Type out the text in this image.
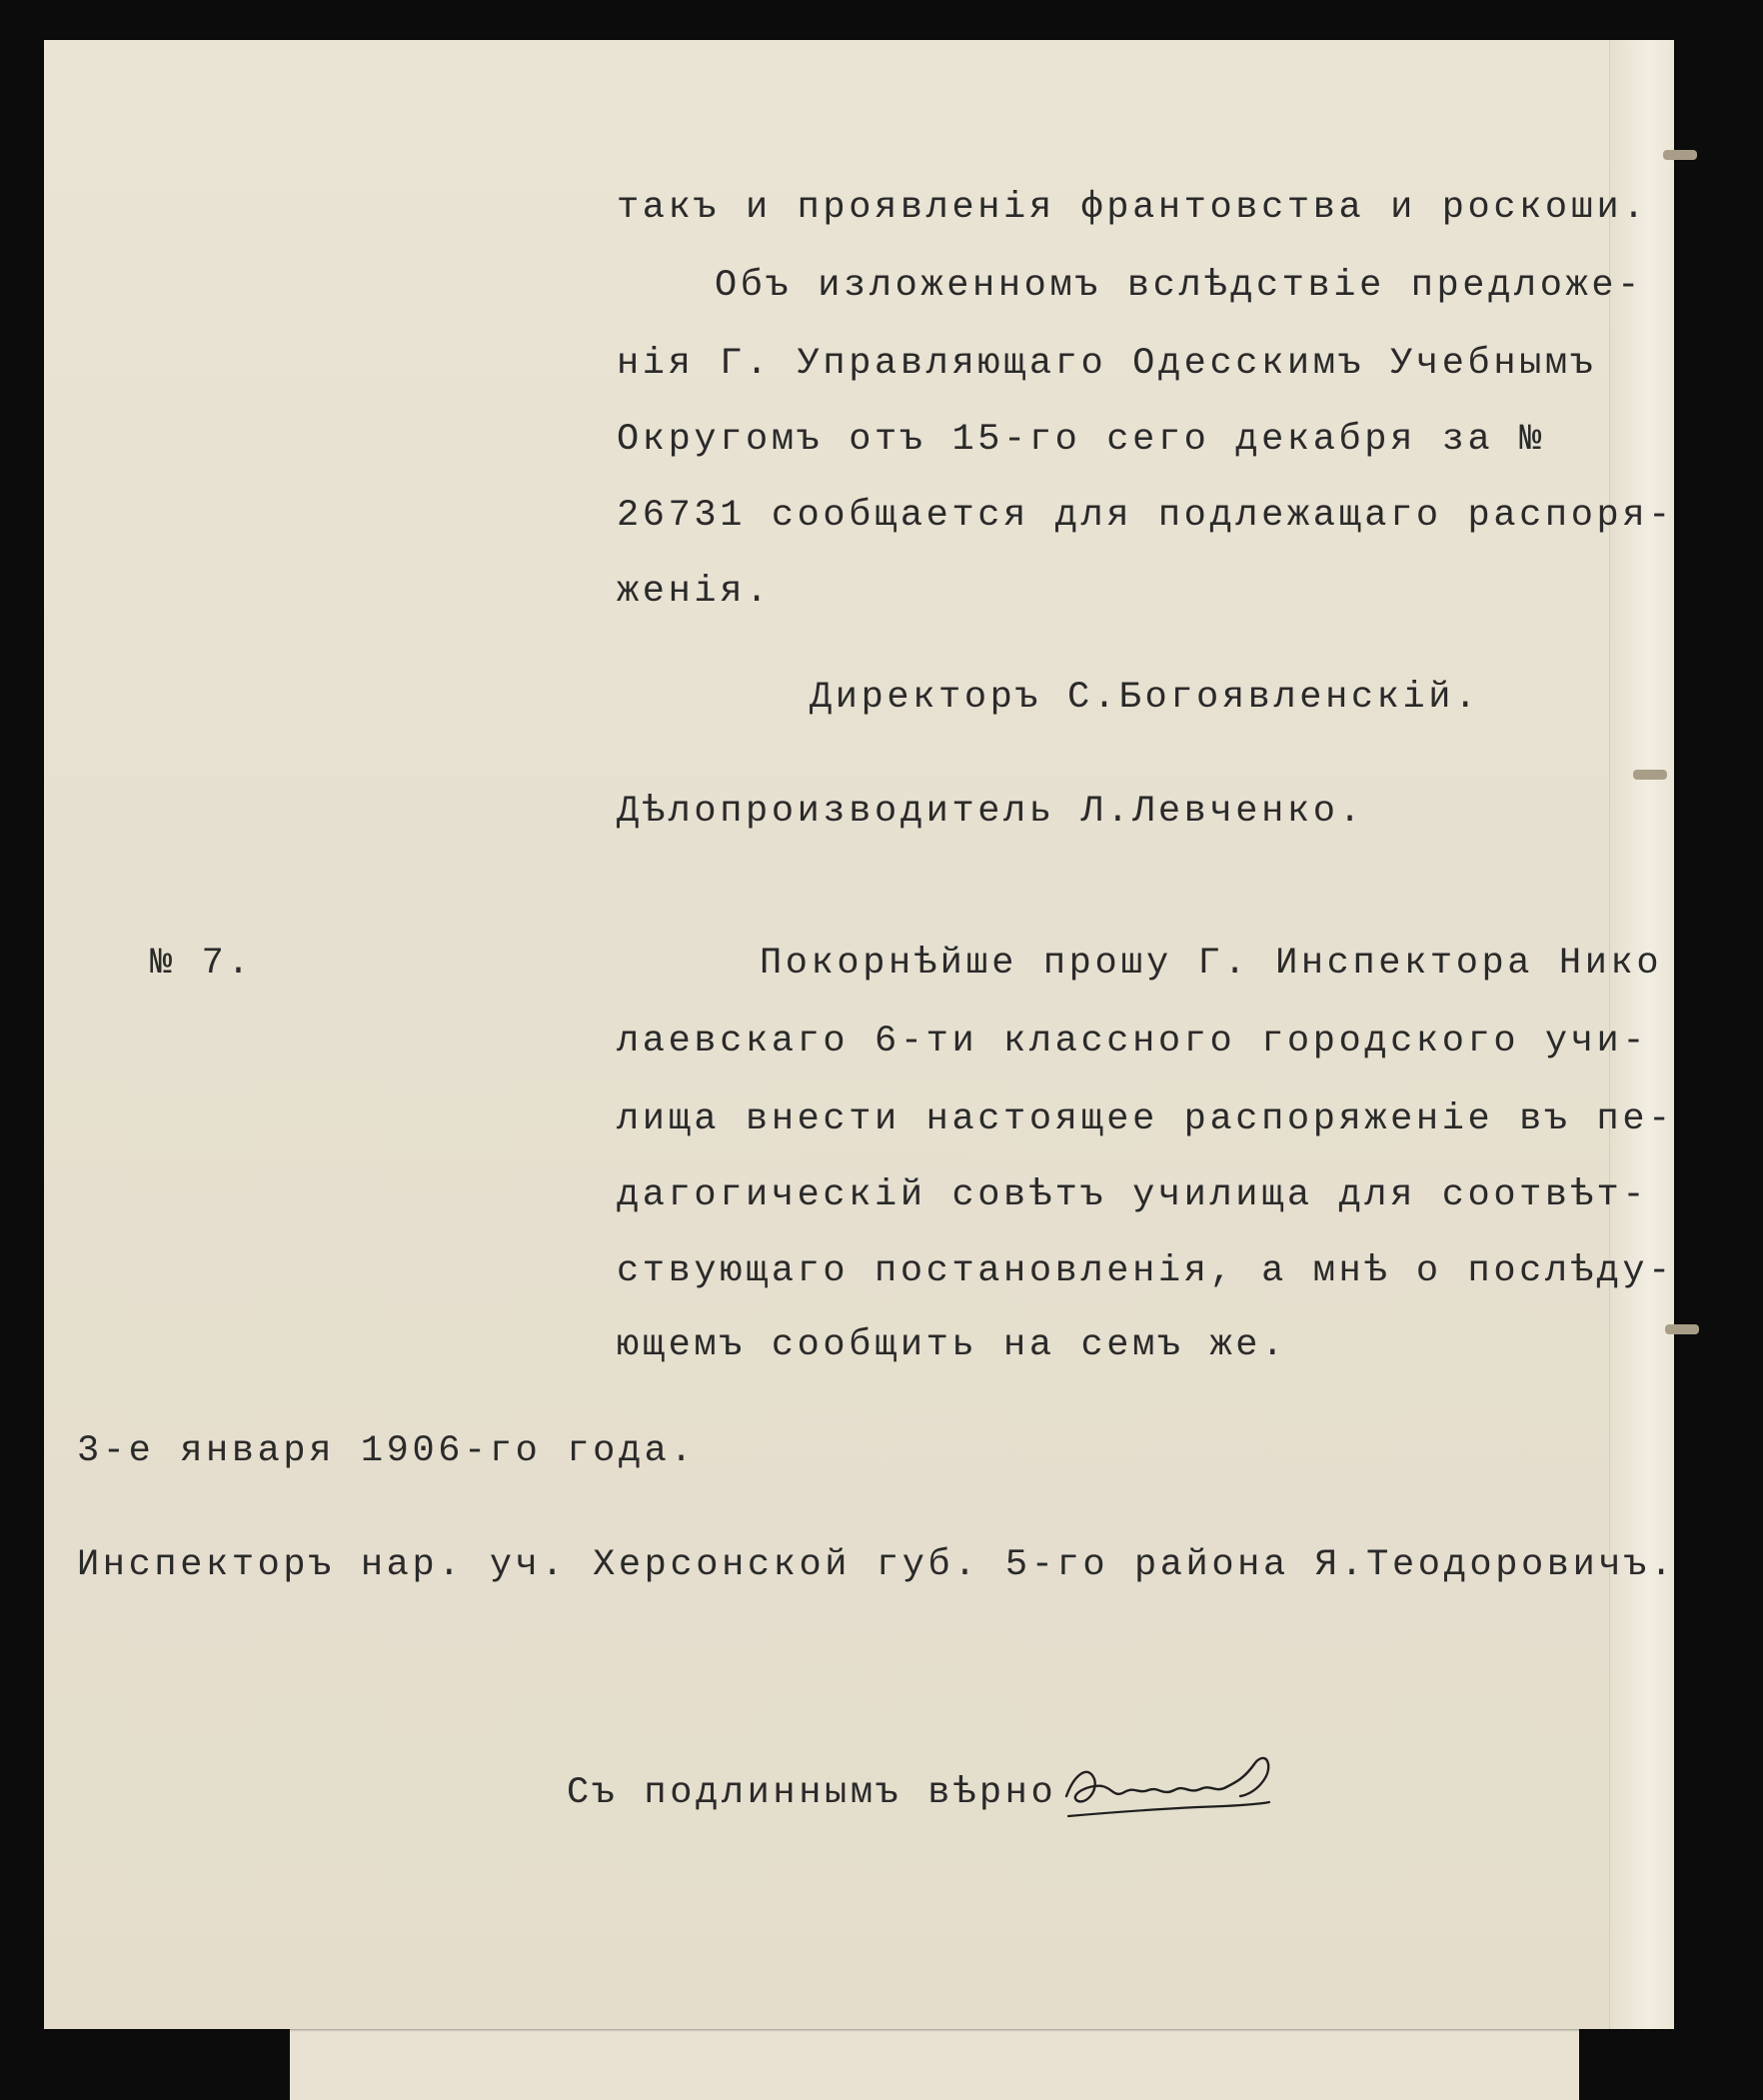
такъ и проявленія франтовства и роскоши.

Объ изложенномъ вслѣдствіе предложе-

нія Г. Управляющаго Одесскимъ Учебнымъ

Округомъ отъ 15-го сего декабря за №

26731 сообщается для подлежащаго распоря-

женія.

Директоръ С.Богоявленскій.

Дѣлопроизводитель Л.Левченко.

№ 7.	Покорнѣйше прошу Г. Инспектора Нико

лаевскаго 6-ти классного городского учи-

лища внести настоящее распоряженіе въ пе-

дагогическій совѣтъ училища для соотвѣт-

ствующаго постановленія, а мнѣ о послѣду-

ющемъ сообщить на семъ же.

3-е января 1906-го года.

Инспекторъ нар. уч. Херсонской губ. 5-го района Я.Теодоровичъ.

Съ подлиннымъ вѣрно
